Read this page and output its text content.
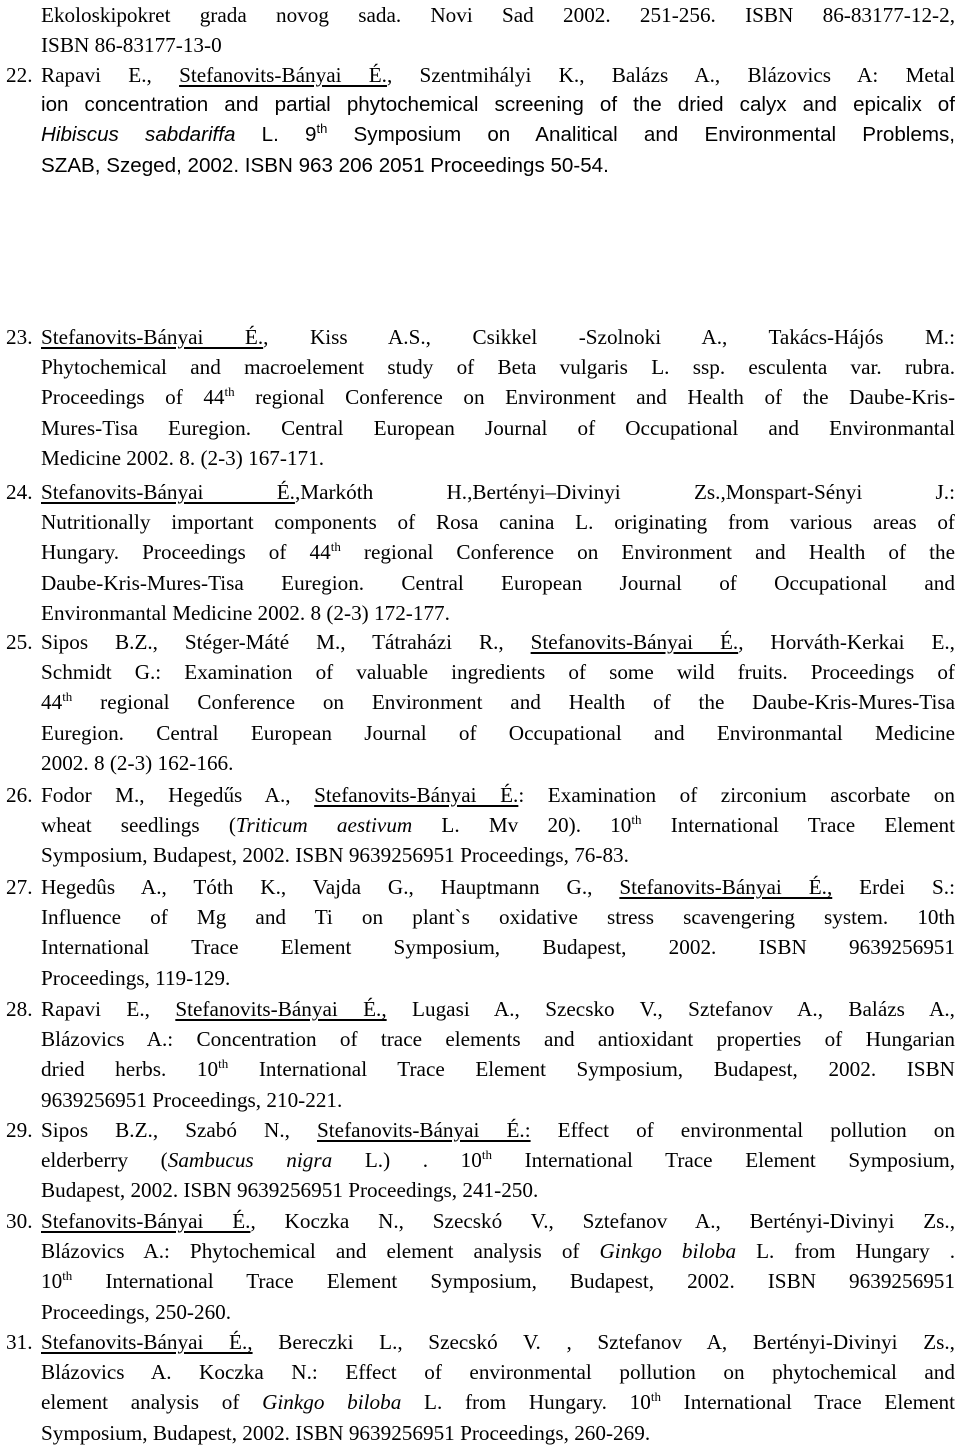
Ekoloskipokret grada novog sada. Novi Sad 2002. 251-256. ISBN 86-83177-12-2,
ISBN 86-83177-13-0
22. Rapavi E., Stefanovits-Bányai É., Szentmihályi K., Balázs A., Blázovics A: Metal
ion concentration and partial phytochemical screening of the dried calyx and epicalix of
Hibiscus sabdariffa L. 9th Symposium on Analitical and Environmental Problems,
SZAB, Szeged, 2002. ISBN 963 206 2051 Proceedings 50-54.
23. Stefanovits-Bányai É., Kiss A.S., Csikkel -Szolnoki A., Takács-Hájós M.:
Phytochemical and macroelement study of Beta vulgaris L. ssp. esculenta var. rubra.
Proceedings of 44th regional Conference on Environment and Health of the Daube-Kris-
Mures-Tisa Euregion. Central European Journal of Occupational and Environmantal
Medicine 2002. 8. (2-3) 167-171.
24. Stefanovits-Bányai É.,Markóth H.,Bertényi–Divinyi Zs.,Monspart-Sényi J.:
Nutritionally important components of Rosa canina L. originating from various areas of
Hungary. Proceedings of 44th regional Conference on Environment and Health of the
Daube-Kris-Mures-Tisa Euregion. Central European Journal of Occupational and
Environmantal Medicine 2002. 8 (2-3) 172-177.
25. Sipos B.Z., Stéger-Máté M., Tátraházi R., Stefanovits-Bányai É., Horváth-Kerkai E.,
Schmidt G.: Examination of valuable ingredients of some wild fruits. Proceedings of
44th regional Conference on Environment and Health of the Daube-Kris-Mures-Tisa
Euregion. Central European Journal of Occupational and Environmantal Medicine
2002. 8 (2-3) 162-166.
26. Fodor M., Hegedűs A., Stefanovits-Bányai É.: Examination of zirconium ascorbate on
wheat seedlings (Triticum aestivum L. Mv 20). 10th International Trace Element
Symposium, Budapest, 2002. ISBN 9639256951 Proceedings, 76-83.
27. Hegedûs A., Tóth K., Vajda G., Hauptmann G., Stefanovits-Bányai É., Erdei S.:
Influence of Mg and Ti on plant`s oxidative stress scavengering system. 10th
International Trace Element Symposium, Budapest, 2002. ISBN 9639256951
Proceedings, 119-129.
28. Rapavi E., Stefanovits-Bányai É., Lugasi A., Szecsko V., Sztefanov A., Balázs A.,
Blázovics A.: Concentration of trace elements and antioxidant properties of Hungarian
dried herbs. 10th International Trace Element Symposium, Budapest, 2002. ISBN
9639256951 Proceedings, 210-221.
29. Sipos B.Z., Szabó N., Stefanovits-Bányai É.: Effect of environmental pollution on
elderberry (Sambucus nigra L.) . 10th International Trace Element Symposium,
Budapest, 2002. ISBN 9639256951 Proceedings, 241-250.
30. Stefanovits-Bányai É., Koczka N., Szecskó V., Sztefanov A., Bertényi-Divinyi Zs.,
Blázovics A.: Phytochemical and element analysis of Ginkgo biloba L. from Hungary .
10th International Trace Element Symposium, Budapest, 2002. ISBN 9639256951
Proceedings, 250-260.
31. Stefanovits-Bányai É., Bereczki L., Szecskó V. , Sztefanov A, Bertényi-Divinyi Zs.,
Blázovics A. Koczka N.: Effect of environmental pollution on phytochemical and
element analysis of Ginkgo biloba L. from Hungary. 10th International Trace Element
Symposium, Budapest, 2002. ISBN 9639256951 Proceedings, 260-269.
